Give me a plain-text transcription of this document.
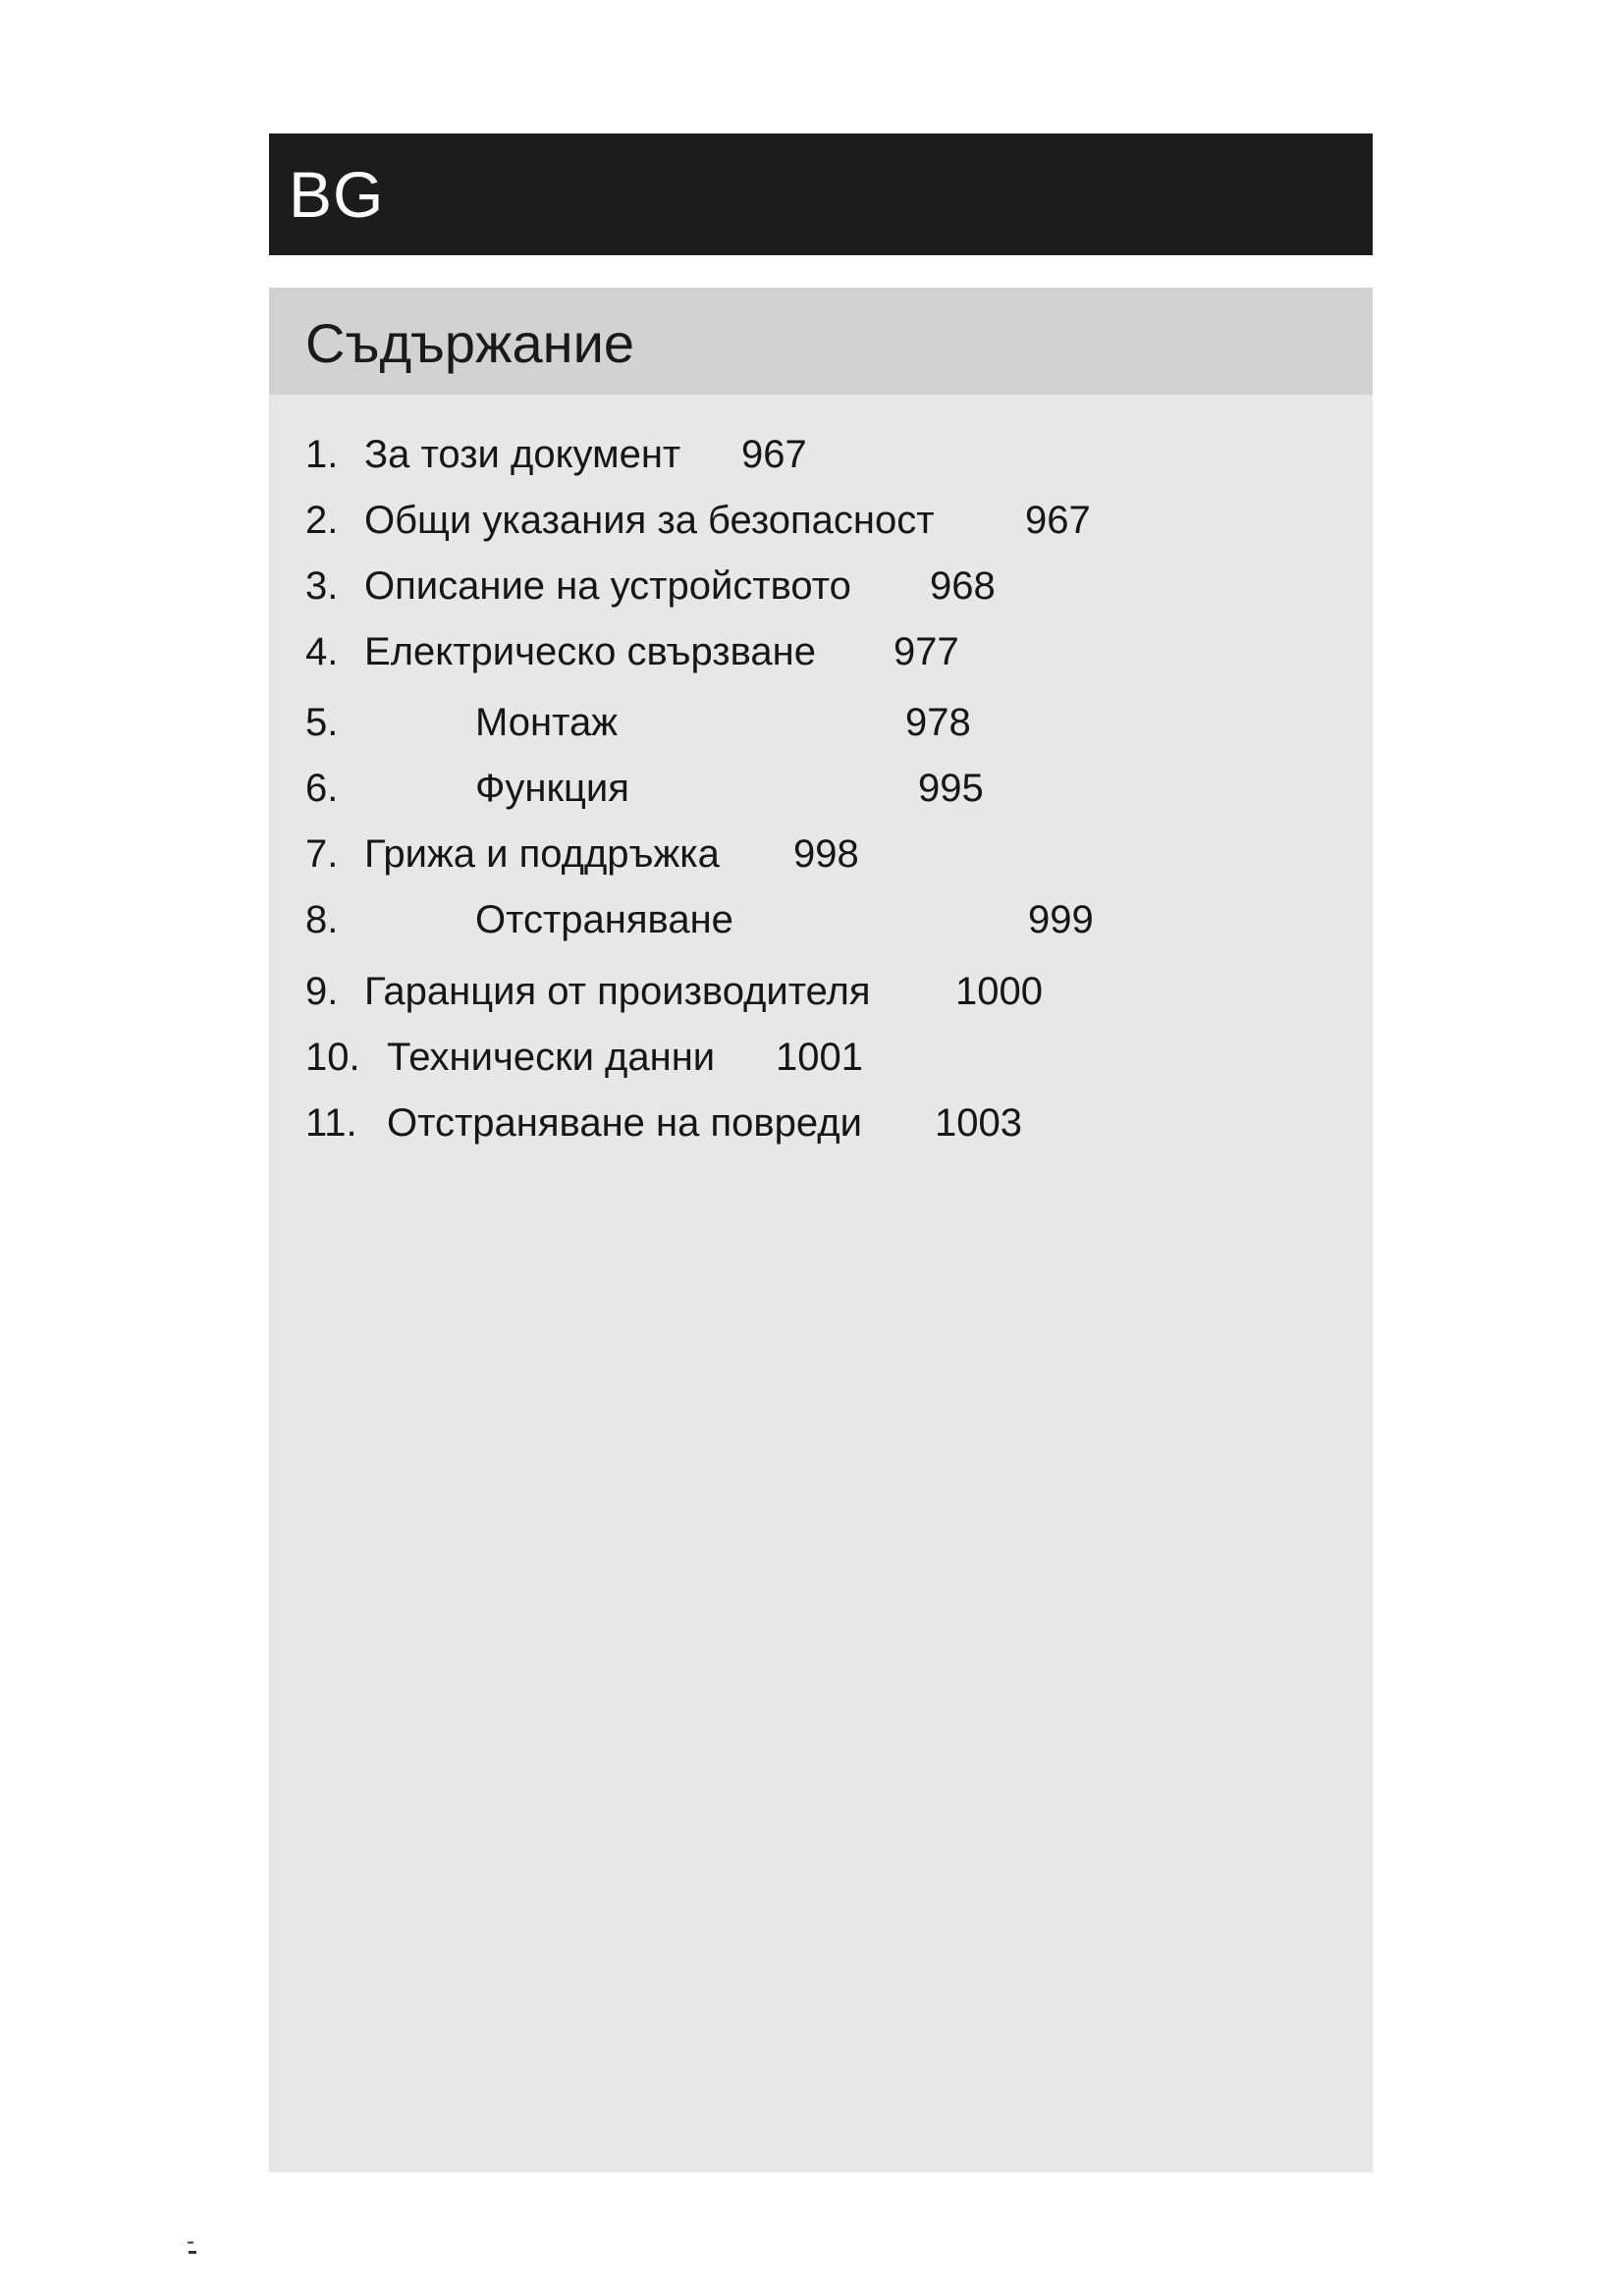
BG
Съдържание
1. За този документ 967
2. Общи указания за безопасност 967
3. Описание на устройството 968
4. Електрическо свързване 977
5.	Монтаж	978
6.	Функция	995
7. Грижа и поддръжка 998
8.	Отстраняване	999
9. Гаранция от производителя 1000
10. Технически данни 1001
11. Отстраняване на повреди 1003
-
